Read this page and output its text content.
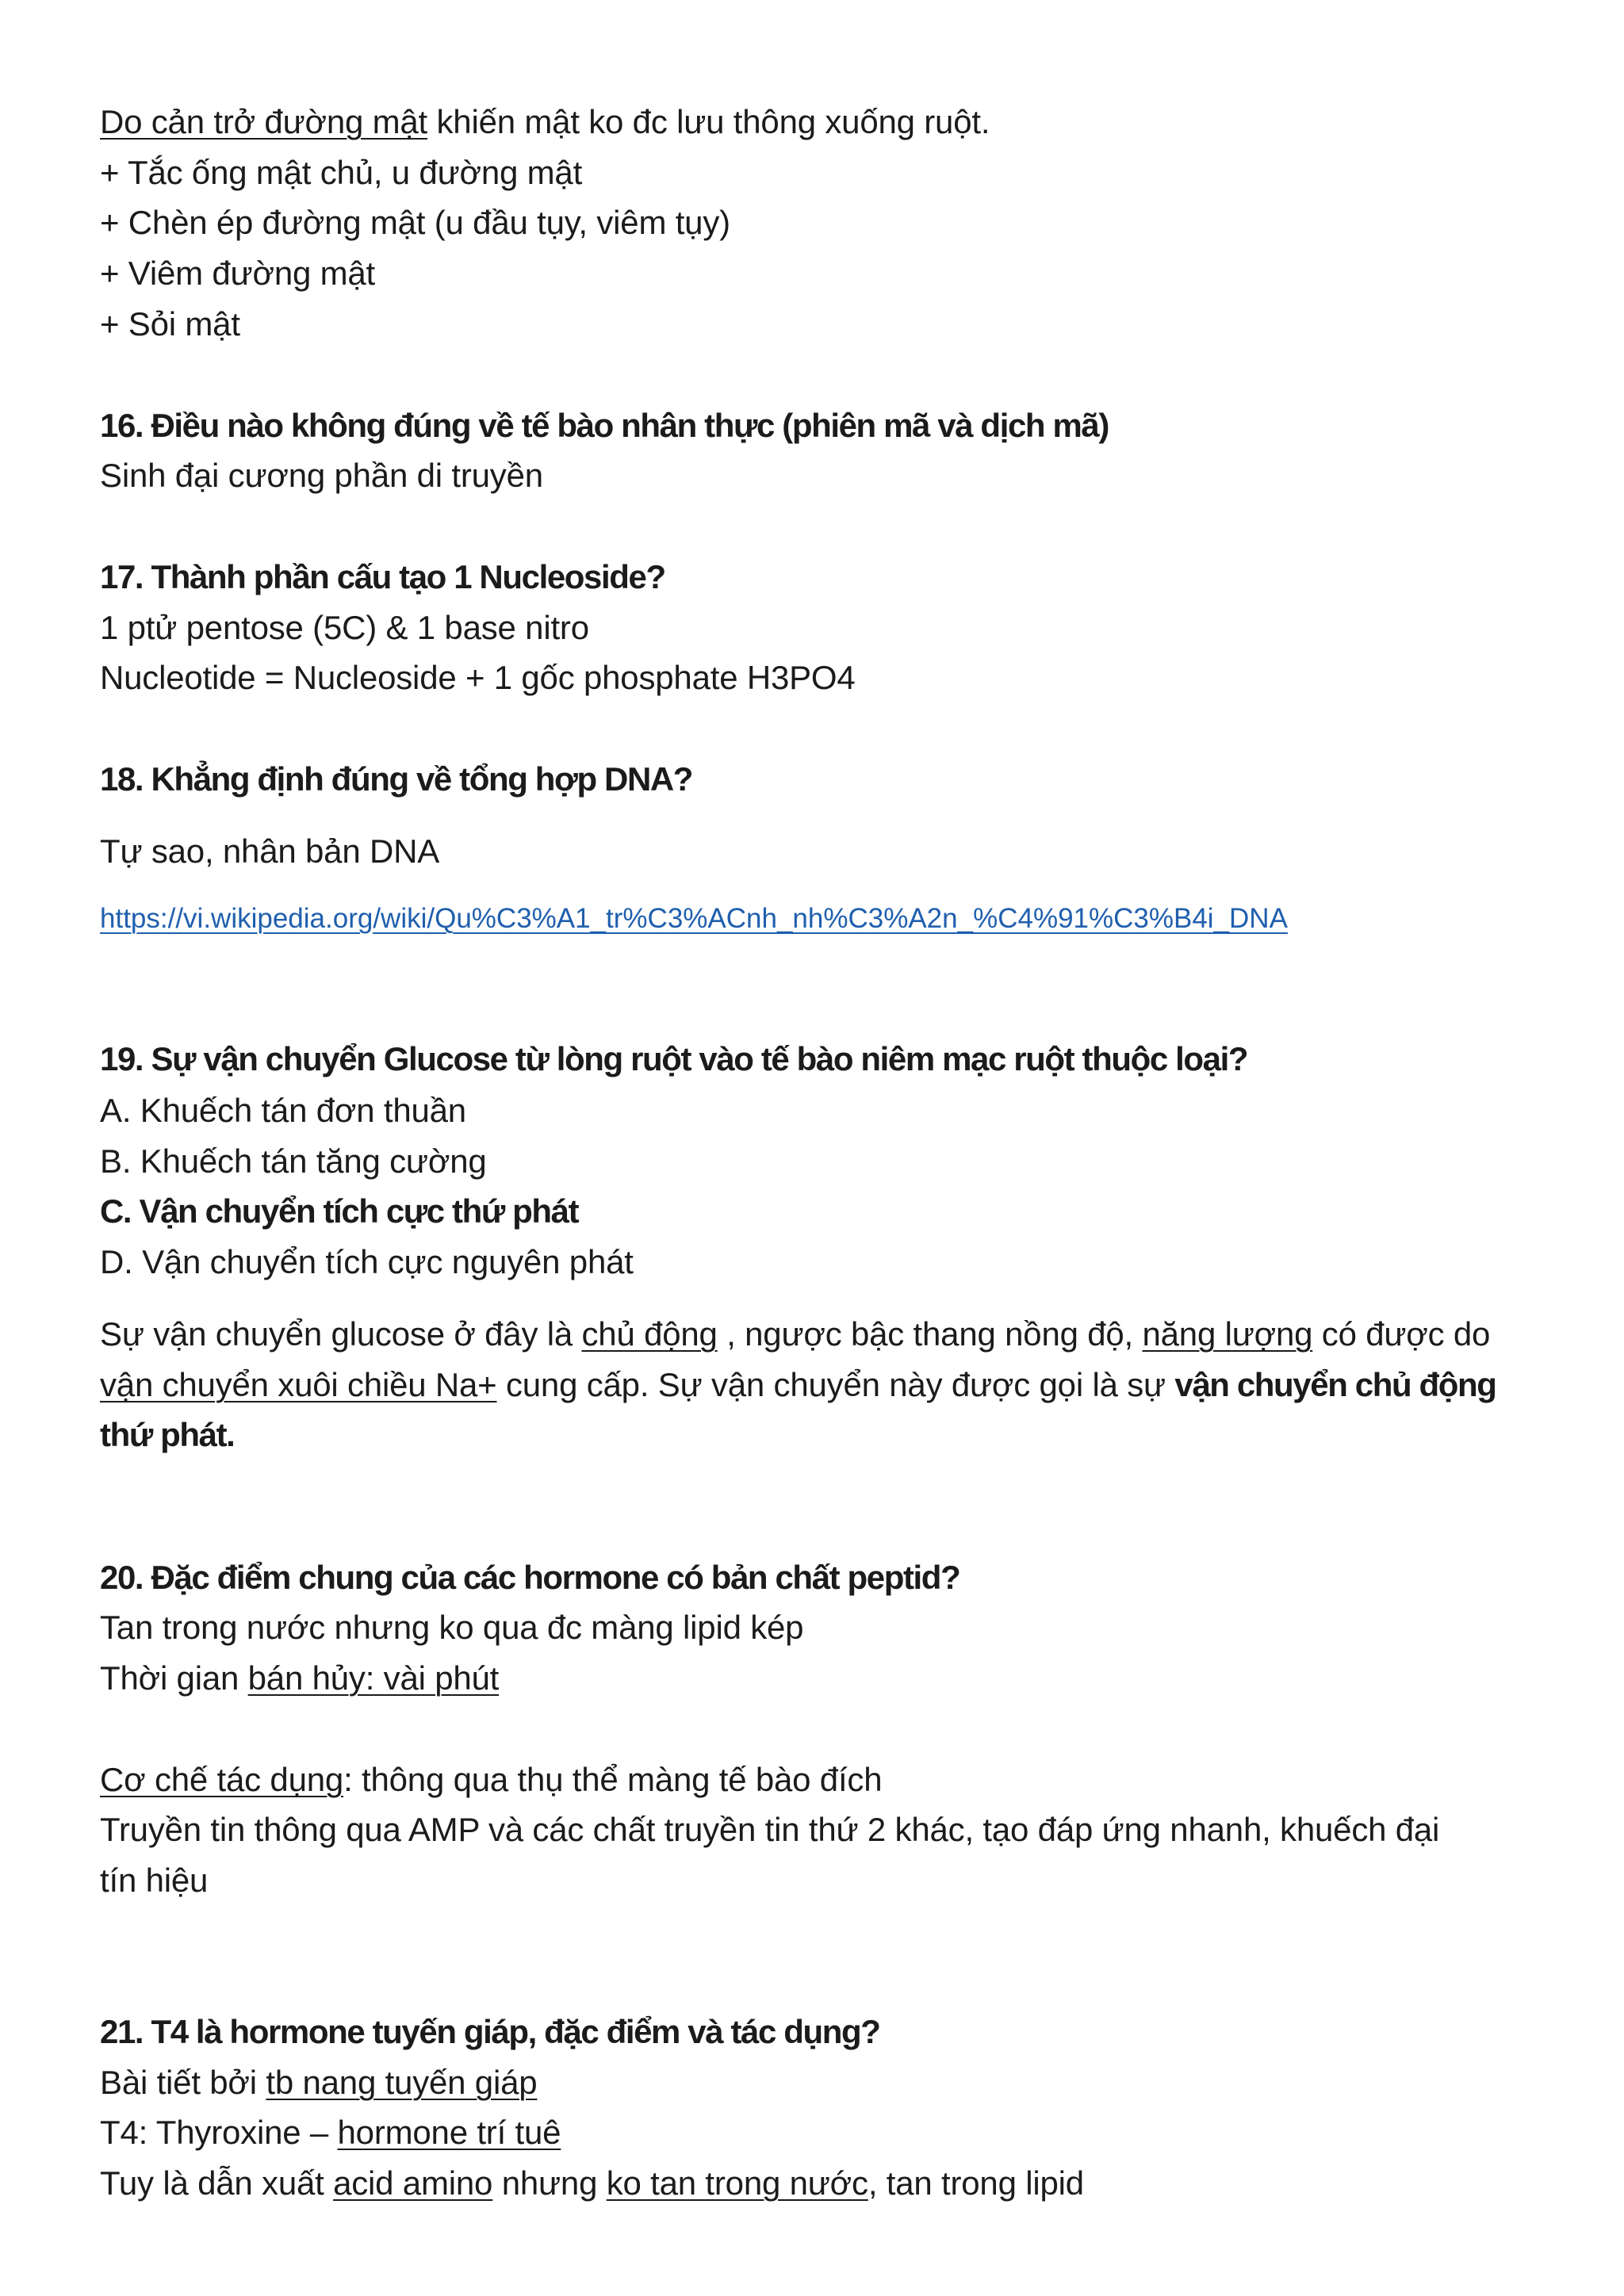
Do cản trở đường mật khiến mật ko đc lưu thông xuống ruột.

+ Tắc ống mật chủ, u đường mật

+ Chèn ép đường mật (u đầu tụy, viêm tụy)

+ Viêm đường mật

+ Sỏi mật

16. Điều nào không đúng về tế bào nhân thực (phiên mã và dịch mã)

Sinh đại cương phần di truyền

17. Thành phần cấu tạo 1 Nucleoside?

1 ptử pentose (5C) & 1 base nitro

Nucleotide = Nucleoside + 1 gốc phosphate H3PO4

18. Khẳng định đúng về tổng hợp DNA?

Tự sao, nhân bản DNA

https://vi.wikipedia.org/wiki/Qu%C3%A1_tr%C3%ACnh_nh%C3%A2n_%C4%91%C3%B4i_DNA

19. Sự vận chuyển Glucose từ lòng ruột vào tế bào niêm mạc ruột thuộc loại?

A. Khuếch tán đơn thuần

B. Khuếch tán tăng cường

C. Vận chuyển tích cực thứ phát

D. Vận chuyển tích cực nguyên phát

Sự vận chuyển glucose ở đây là chủ động , ngược bậc thang nồng độ, năng lượng có được do

vận chuyển xuôi chiều Na+ cung cấp. Sự vận chuyển này được gọi là sự vận chuyển chủ động

thứ phát.

20. Đặc điểm chung của các hormone có bản chất peptid?

Tan trong nước nhưng ko qua đc màng lipid kép

Thời gian bán hủy: vài phút

Cơ chế tác dụng: thông qua thụ thể màng tế bào đích

Truyền tin thông qua AMP và các chất truyền tin thứ 2 khác, tạo đáp ứng nhanh, khuếch đại

tín hiệu

21. T4 là hormone tuyến giáp, đặc điểm và tác dụng?

Bài tiết bởi tb nang tuyến giáp

T4: Thyroxine – hormone trí tuê

Tuy là dẫn xuất acid amino nhưng ko tan trong nước, tan trong lipid
